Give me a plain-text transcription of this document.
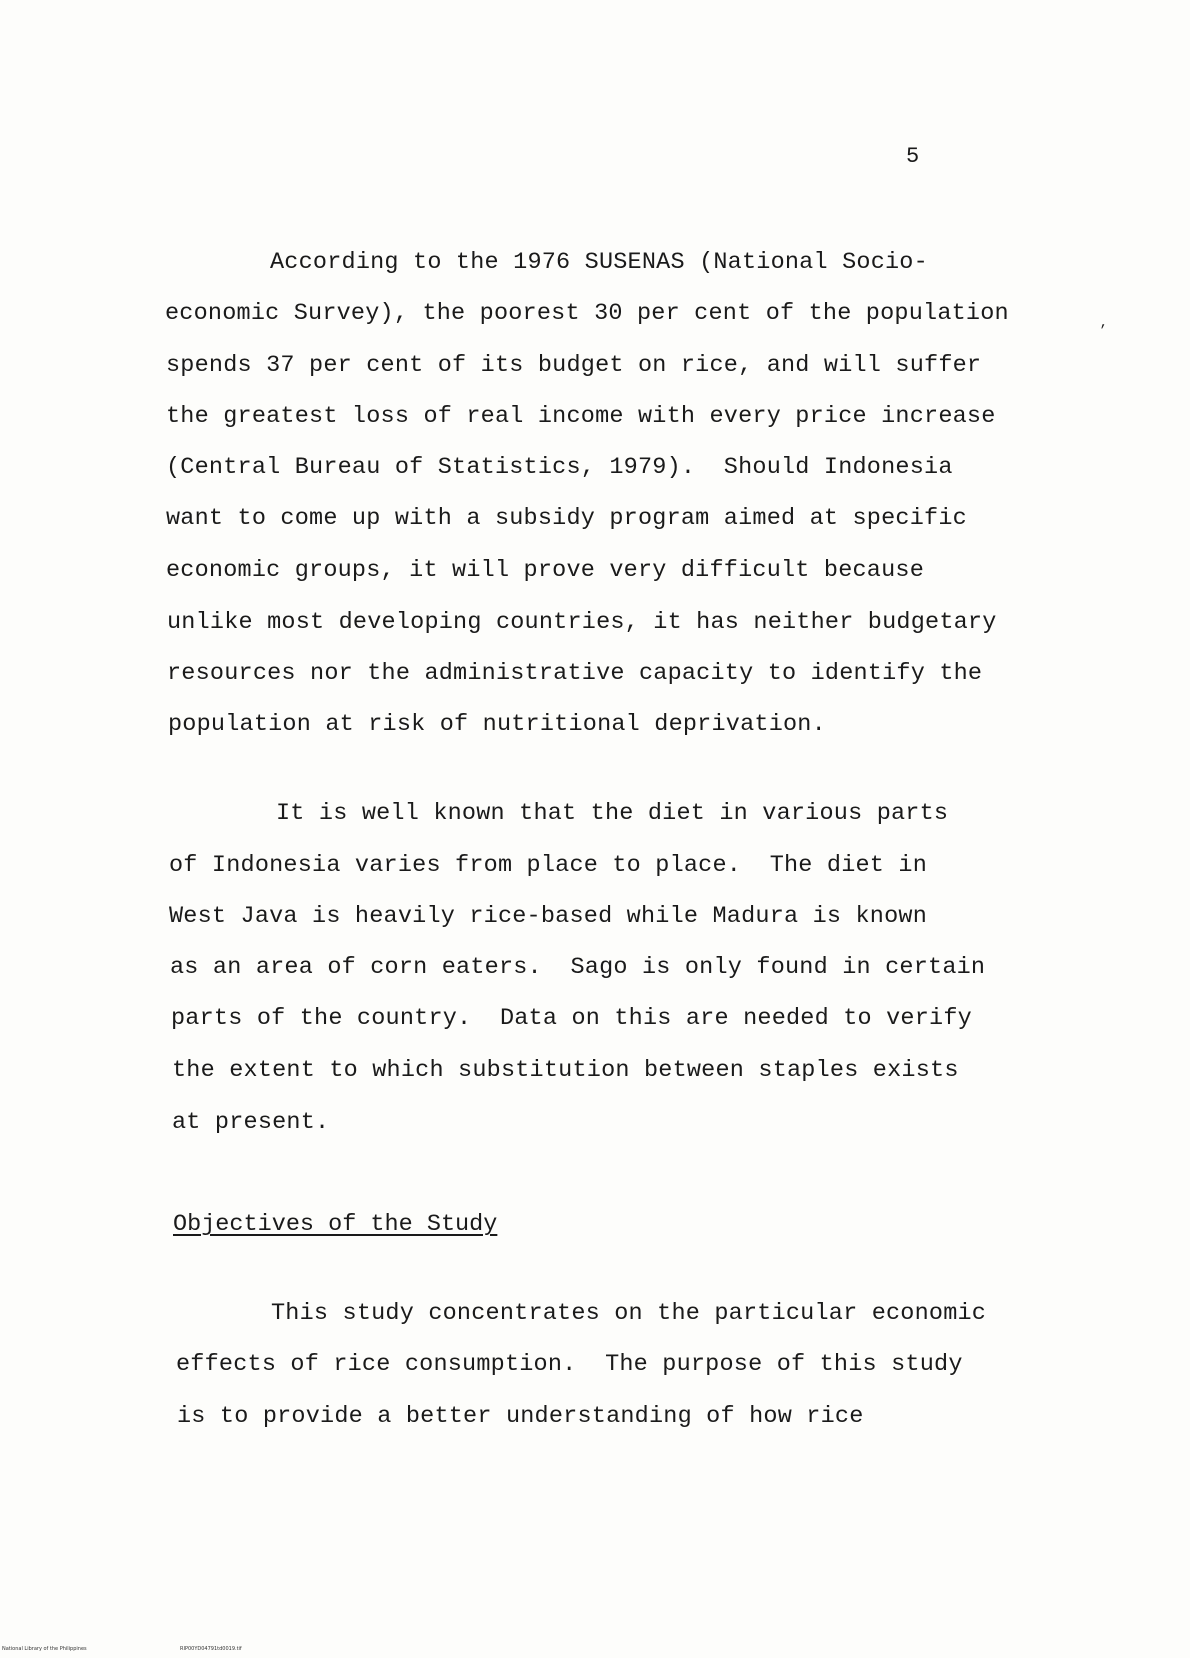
5
‚
According to the 1976 SUSENAS (National Socio-
economic Survey), the poorest 30 per cent of the population
spends 37 per cent of its budget on rice, and will suffer
the greatest loss of real income with every price increase
(Central Bureau of Statistics, 1979).  Should Indonesia
want to come up with a subsidy program aimed at specific
economic groups, it will prove very difficult because
unlike most developing countries, it has neither budgetary
resources nor the administrative capacity to identify the
population at risk of nutritional deprivation.
It is well known that the diet in various parts
of Indonesia varies from place to place.  The diet in
West Java is heavily rice-based while Madura is known
as an area of corn eaters.  Sago is only found in certain
parts of the country.  Data on this are needed to verify
the extent to which substitution between staples exists
at present.
Objectives of the Study
This study concentrates on the particular economic
effects of rice consumption.  The purpose of this study
is to provide a better understanding of how rice
National Library of the Philippines	RIP00YD04791td0019.tif
